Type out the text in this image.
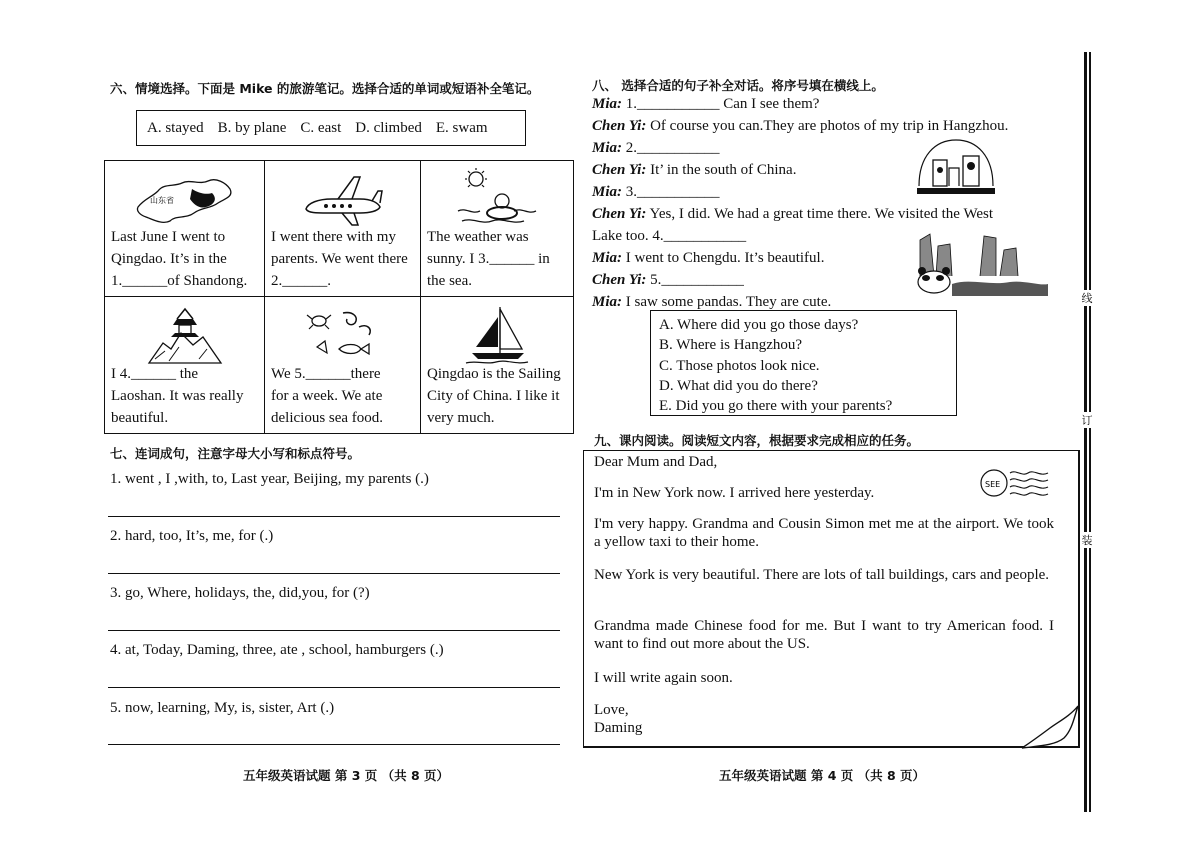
六、情境选择。下面是 Mike 的旅游笔记。选择合适的单词或短语补全笔记。
A. stayed B. by plane C. east D. climbed E. swam
山东省
Last June I went to
Qingdao. It’s in the
1.______of Shandong.
I went there with my
parents. We went there
2.______.
The weather was
sunny. I 3.______ in
the sea.
I 4.______ the
Laoshan. It was really
beautiful.
We 5.______there
for a week. We ate
delicious sea food.
Qingdao is the Sailing
City of China. I like it
very much.
七、连词成句，注意字母大小写和标点符号。
1. went , I ,with, to, Last year, Beijing, my parents (.)
2. hard, too, It’s, me, for (.)
3. go, Where, holidays, the, did,you, for (?)
4. at, Today, Daming, three, ate , school, hamburgers (.)
5. now, learning, My, is, sister, Art (.)
五年级英语试题 第 3 页 （共 8 页）
八、 选择合适的句子补全对话。将序号填在横线上。
Mia: 1.___________ Can I see them?
Chen Yi: Of course you can.They are photos of my trip in Hangzhou.
Mia: 2.___________
Chen Yi: It’ in the south of China.
Mia: 3.___________
Chen Yi: Yes, I did. We had a great time there. We visited the West
Lake too. 4.___________
Mia: I went to Chengdu. It’s beautiful.
Chen Yi: 5.___________
Mia: I saw some pandas. They are cute.
A. Where did you go those days?
B. Where is Hangzhou?
C. Those photos look nice.
D. What did you do there?
E. Did you go there with your parents?
九、课内阅读。阅读短文内容，根据要求完成相应的任务。
Dear Mum and Dad,
I'm in New York now. I arrived here yesterday.
I'm very happy. Grandma and Cousin Simon met me at the airport. We took a yellow taxi to their home.
New York is very beautiful. There are lots of tall buildings, cars and people.
Grandma made Chinese food for me. But I want to try American food. I want to find out more about the US.
I will write again soon.
Love,
Daming
SEE
五年级英语试题 第 4 页 （共 8 页）
线
订
装
